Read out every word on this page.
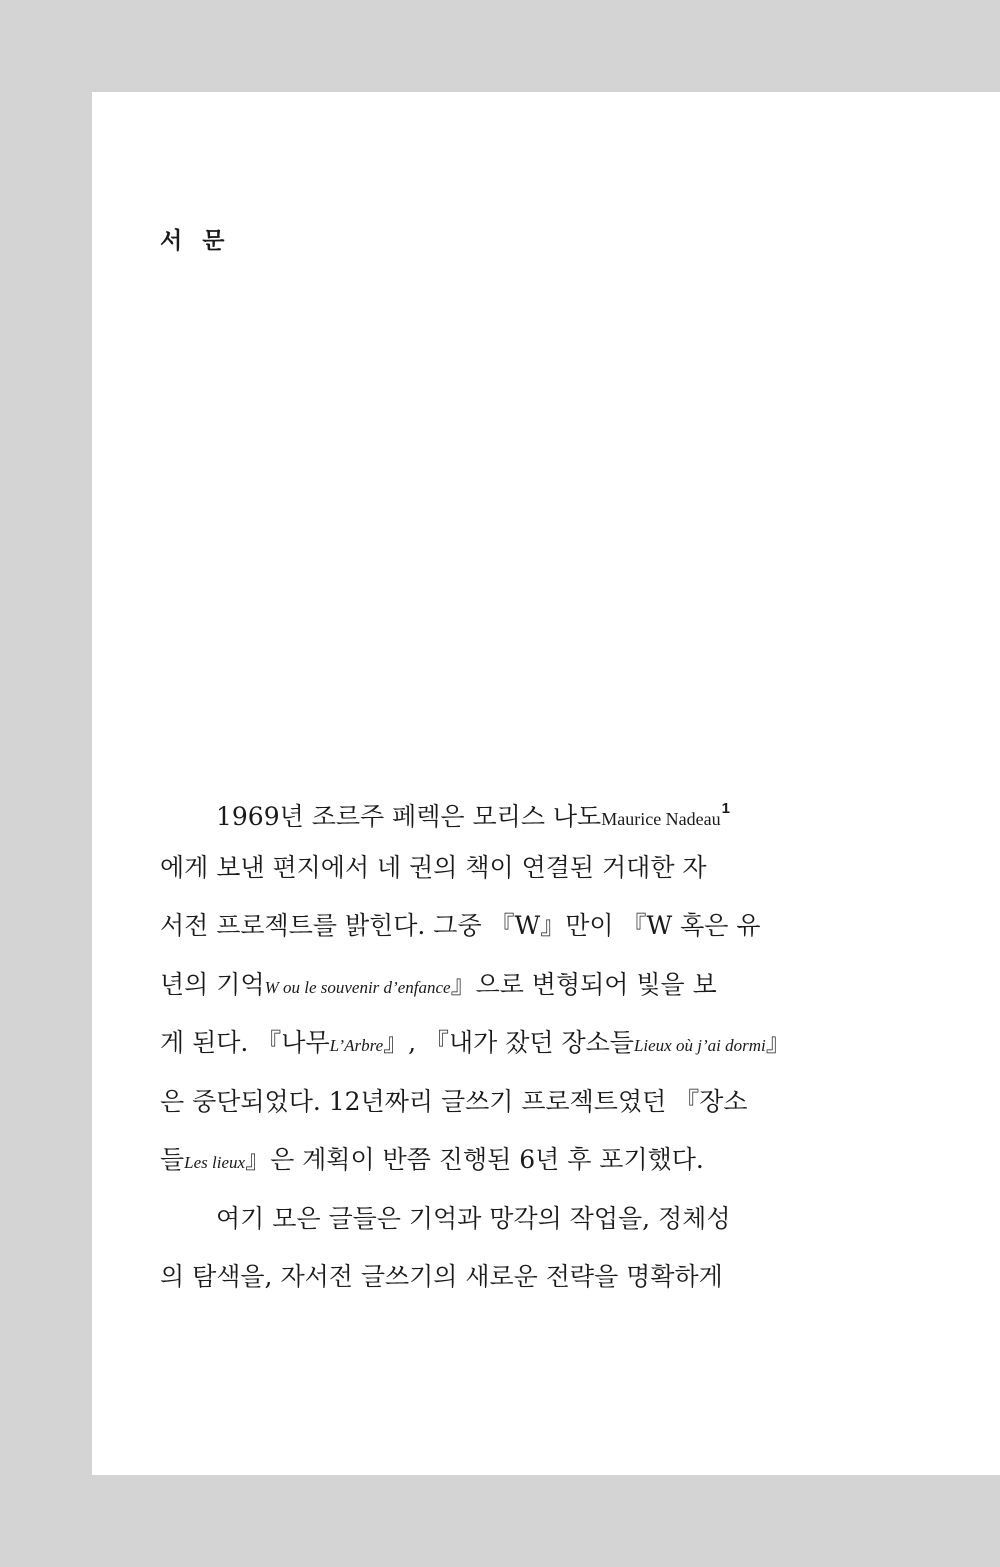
서 문
1969년 조르주 페렉은 모리스 나도Maurice Nadeau$^1$
에게 보낸 편지에서 네 권의 책이 연결된 거대한 자
서전 프로젝트를 밝힌다. 그중 『W』만이 『W 혹은 유
년의 기억W ou le souvenir d’enfance』으로 변형되어 빛을 보
게 된다. 『나무L’Arbre』, 『내가 잤던 장소들Lieux où j’ai dormi』
은 중단되었다. 12년짜리 글쓰기 프로젝트였던 『장소
들Les lieux』은 계획이 반쯤 진행된 6년 후 포기했다.
여기 모은 글들은 기억과 망각의 작업을, 정체성
의 탐색을, 자서전 글쓰기의 새로운 전략을 명확하게
